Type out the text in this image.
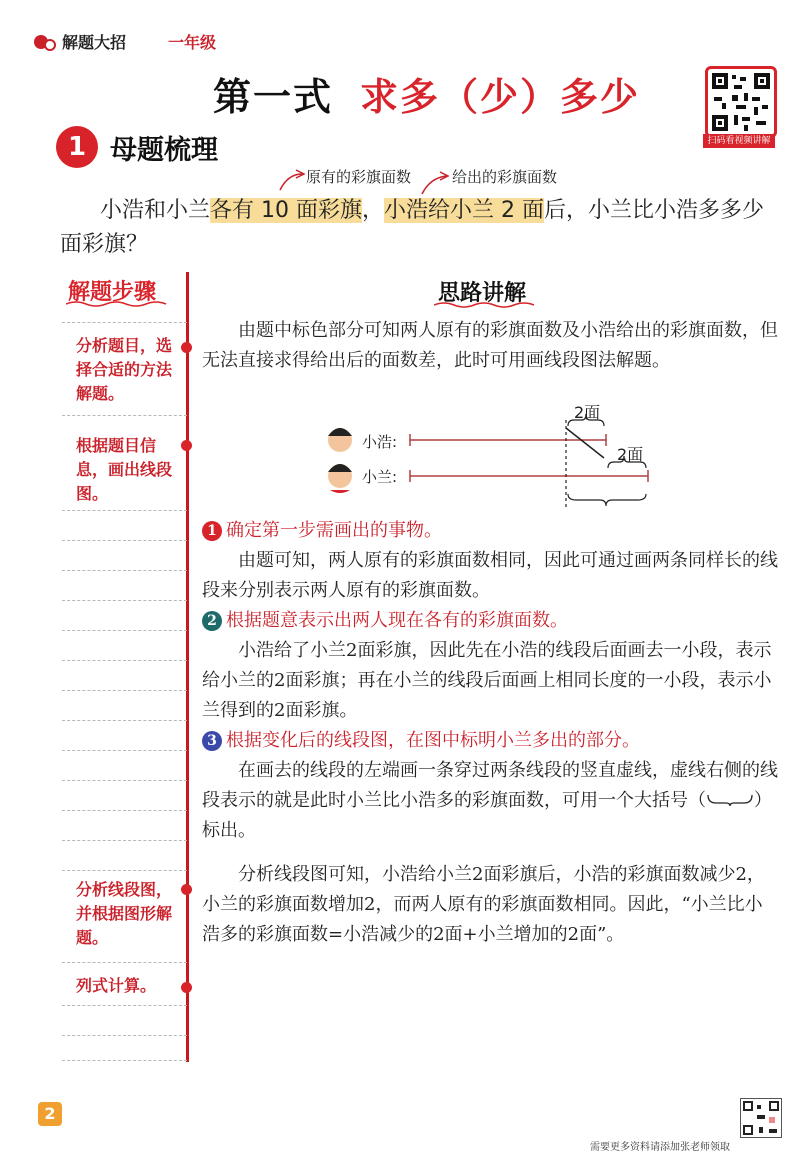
解题大招	一年级
第一式 求多（少）多少
扫码看视频讲解
1 母题梳理
原有的彩旗面数	给出的彩旗面数
小浩和小兰各有 10 面彩旗，小浩给小兰 2 面后，小兰比小浩多多少面彩旗？
解题步骤
分析题目，选择合适的方法解题。
根据题目信息，画出线段图。
分析线段图，并根据图形解题。
列式计算。
思路讲解
由题中标色部分可知两人原有的彩旗面数及小浩给出的彩旗面数，但无法直接求得给出后的面数差，此时可用画线段图法解题。
2面
2面
小浩:
小兰:
1 确定第一步需画出的事物。
由题可知，两人原有的彩旗面数相同，因此可通过画两条同样长的线段来分别表示两人原有的彩旗面数。
2 根据题意表示出两人现在各有的彩旗面数。
小浩给了小兰2面彩旗，因此先在小浩的线段后面画去一小段，表示给小兰的2面彩旗；再在小兰的线段后面画上相同长度的一小段，表示小兰得到的2面彩旗。
3 根据变化后的线段图，在图中标明小兰多出的部分。
在画去的线段的左端画一条穿过两条线段的竖直虚线，虚线右侧的线段表示的就是此时小兰比小浩多的彩旗面数，可用一个大括号（	）标出。
分析线段图可知，小浩给小兰2面彩旗后，小浩的彩旗面数减少2，小兰的彩旗面数增加2，而两人原有的彩旗面数相同。因此，“小兰比小浩多的彩旗面数=小浩减少的2面+小兰增加的2面”。
2
需要更多资料请添加张老师领取
